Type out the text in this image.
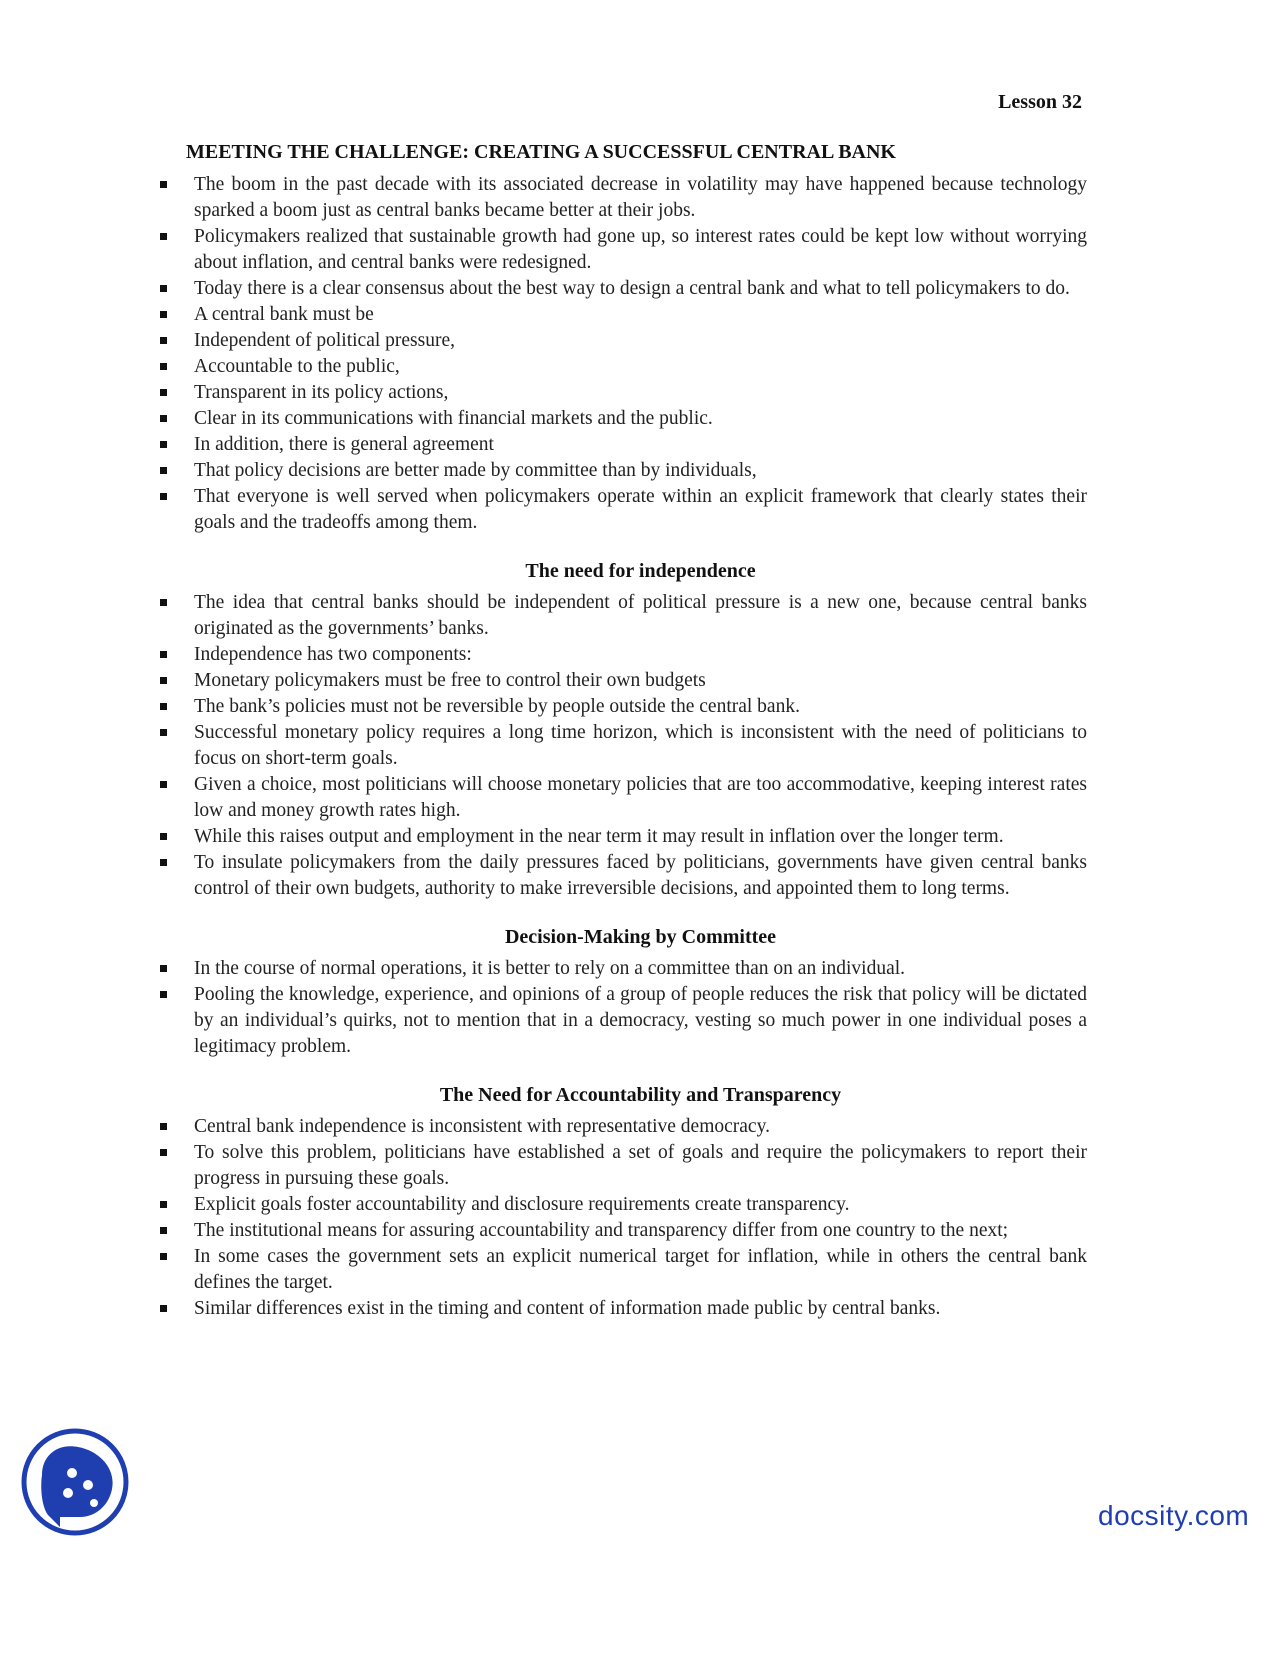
Lesson 32
MEETING THE CHALLENGE: CREATING A SUCCESSFUL CENTRAL BANK
The boom in the past decade with its associated decrease in volatility may have happened because technology sparked a boom just as central banks became better at their jobs.
Policymakers realized that sustainable growth had gone up, so interest rates could be kept low without worrying about inflation, and central banks were redesigned.
Today there is a clear consensus about the best way to design a central bank and what to tell policymakers to do.
A central bank must be
Independent of political pressure,
Accountable to the public,
Transparent in its policy actions,
Clear in its communications with financial markets and the public.
In addition, there is general agreement
That policy decisions are better made by committee than by individuals,
That everyone is well served when policymakers operate within an explicit framework that clearly states their goals and the tradeoffs among them.
The need for independence
The idea that central banks should be independent of political pressure is a new one, because central banks originated as the governments’ banks.
Independence has two components:
Monetary policymakers must be free to control their own budgets
The bank’s policies must not be reversible by people outside the central bank.
Successful monetary policy requires a long time horizon, which is inconsistent with the need of politicians to focus on short-term goals.
Given a choice, most politicians will choose monetary policies that are too accommodative, keeping interest rates low and money growth rates high.
While this raises output and employment in the near term it may result in inflation over the longer term.
To insulate policymakers from the daily pressures faced by politicians, governments have given central banks control of their own budgets, authority to make irreversible decisions, and appointed them to long terms.
Decision-Making by Committee
In the course of normal operations, it is better to rely on a committee than on an individual.
Pooling the knowledge, experience, and opinions of a group of people reduces the risk that policy will be dictated by an individual’s quirks, not to mention that in a democracy, vesting so much power in one individual poses a legitimacy problem.
The Need for Accountability and Transparency
Central bank independence is inconsistent with representative democracy.
To solve this problem, politicians have established a set of goals and require the policymakers to report their progress in pursuing these goals.
Explicit goals foster accountability and disclosure requirements create transparency.
The institutional means for assuring accountability and transparency differ from one country to the next;
In some cases the government sets an explicit numerical target for inflation, while in others the central bank defines the target.
Similar differences exist in the timing and content of information made public by central banks.
docsity.com
